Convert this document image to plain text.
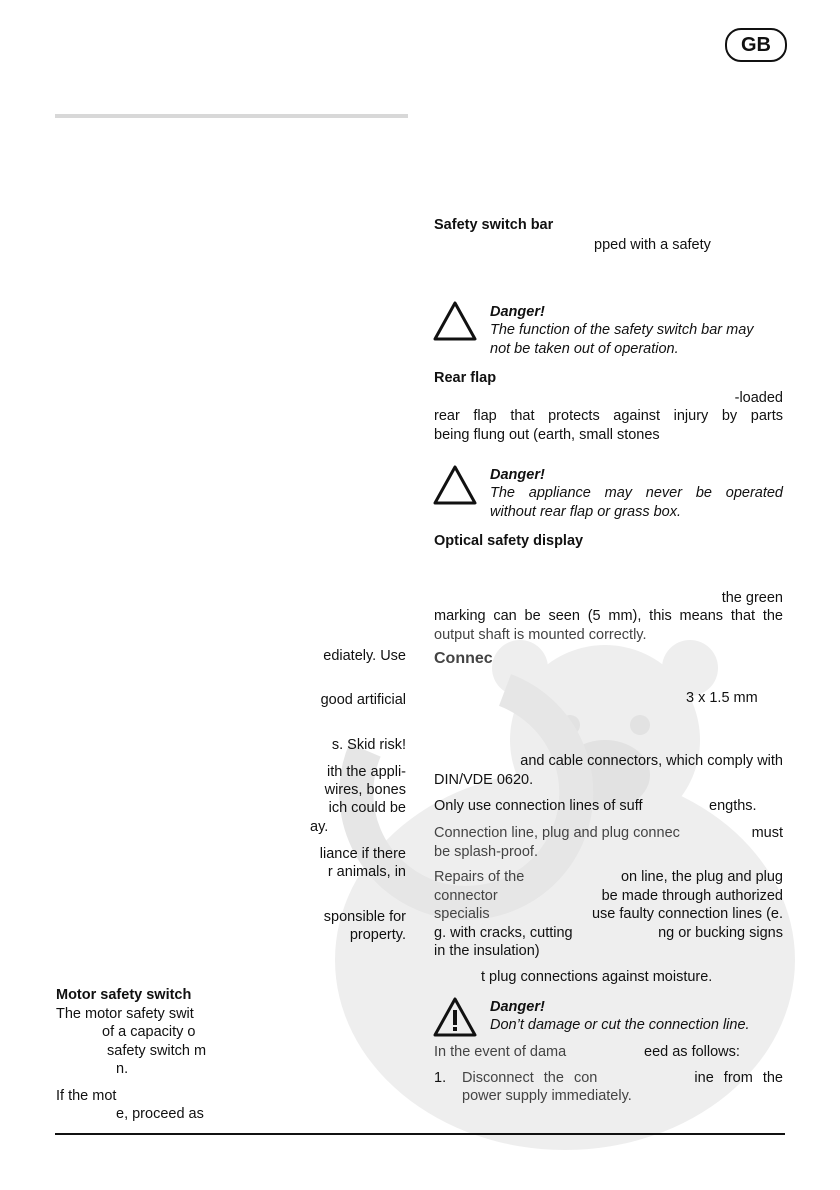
GB
ediately. Use
good artificial
s. Skid risk!
ith the appli-
wires, bones
ich could be
ay.
liance if there
r animals, in
sponsible for
property.
Motor safety switch
The motor safety swit
of a capacity o
safety switch m
n.
If the mot
e, proceed as
Safety switch bar
pped with a safety
Danger!
The function of the safety switch bar may
not be taken out of operation.
Rear flap
-loaded
rear flap that protects against injury by parts
being flung out (earth, small stones
Danger!
The appliance may never be operated
without rear flap or grass box.
Optical safety display
the green
marking can be seen (5 mm), this means that the
output shaft is mounted correctly.
Connec
3 x 1.5 mm
and cable connectors, which comply with
DIN/VDE 0620.
Only use connection lines of suff	engths.
Connection line, plug and plug connec	must
be splash-proof.
Repairs of the	on line, the plug and plug
connector	be made through authorized
specialis	use faulty connection lines (e.
g. with cracks, cutting	ng or bucking signs
in the insulation)
t plug connections against moisture.
Danger!
Don’t damage or cut the connection line.
In the event of dama	eed as follows:
1. Disconnect the con	ine from the
power supply immediately.
